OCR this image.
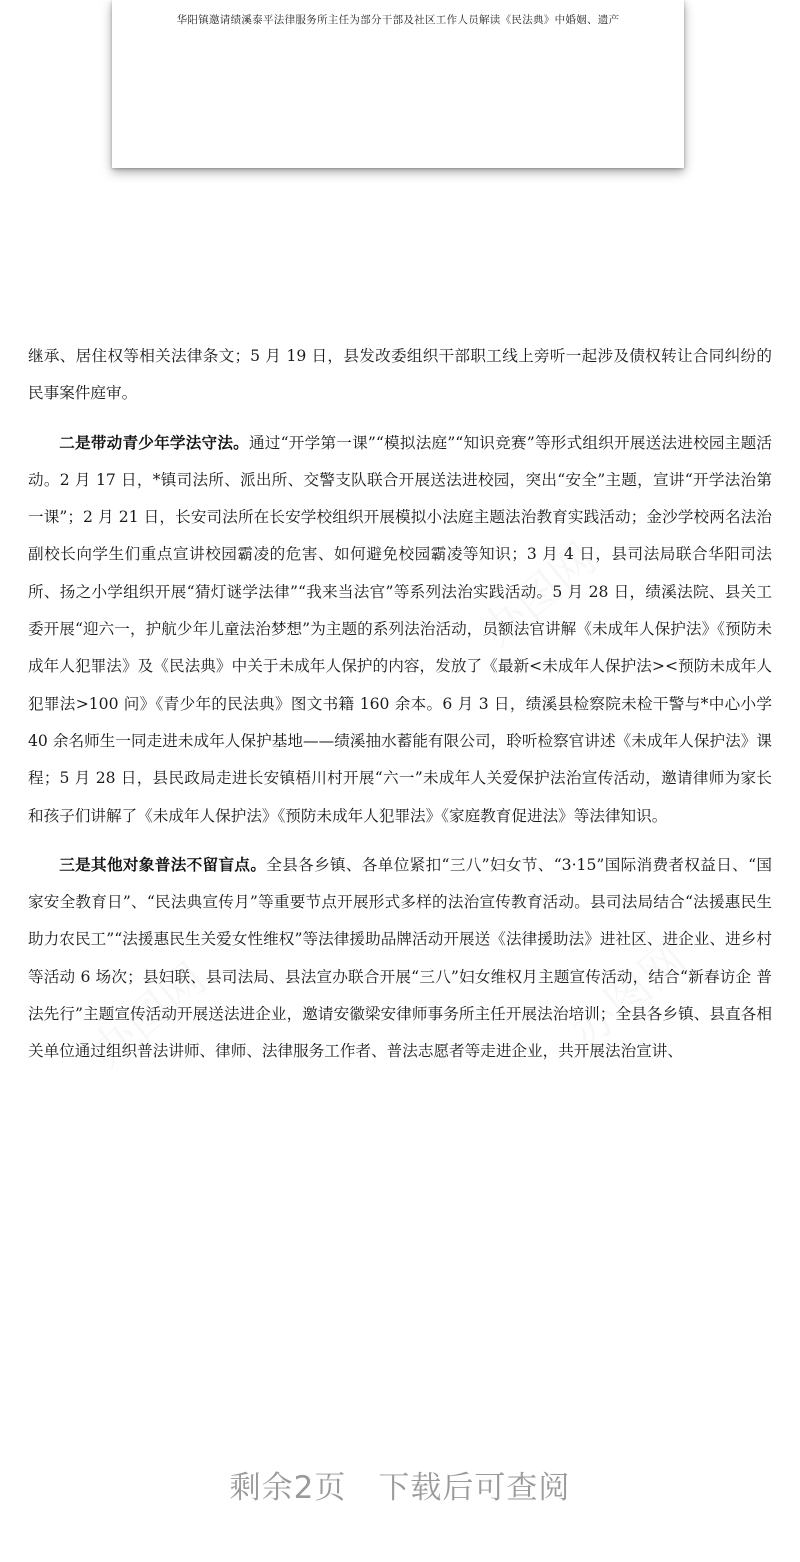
华阳镇邀请绩溪泰平法律服务所主任为部分干部及社区工作人员解读《民法典》中婚姻、遗产
办图网
办图网
办图网

继承、居住权等相关法律条文；5 月 19 日，县发改委组织干部职工线上旁听一起涉及债权转让合同纠纷的民事案件庭审。

二是带动青少年学法守法。通过“开学第一课”“模拟法庭”“知识竞赛”等形式组织开展送法进校园主题活动。2 月 17 日，*镇司法所、派出所、交警支队联合开展送法进校园，突出“安全”主题，宣讲“开学法治第一课”；2 月 21 日，长安司法所在长安学校组织开展模拟小法庭主题法治教育实践活动；金沙学校两名法治副校长向学生们重点宣讲校园霸凌的危害、如何避免校园霸凌等知识；3 月 4 日，县司法局联合华阳司法所、扬之小学组织开展“猜灯谜学法律”“我来当法官”等系列法治实践活动。5 月 28 日，绩溪法院、县关工委开展“迎六一，护航少年儿童法治梦想”为主题的系列法治活动，员额法官讲解《未成年人保护法》《预防未成年人犯罪法》及《民法典》中关于未成年人保护的内容，发放了《最新<未成年人保护法><预防未成年人犯罪法>100 问》《青少年的民法典》图文书籍 160 余本。6 月 3 日，绩溪县检察院未检干警与*中心小学 40 余名师生一同走进未成年人保护基地——绩溪抽水蓄能有限公司，聆听检察官讲述《未成年人保护法》课程；5 月 28 日，县民政局走进长安镇梧川村开展“六一”未成年人关爱保护法治宣传活动，邀请律师为家长和孩子们讲解了《未成年人保护法》《预防未成年人犯罪法》《家庭教育促进法》等法律知识。

三是其他对象普法不留盲点。全县各乡镇、各单位紧扣“三八”妇女节、“3·15”国际消费者权益日、“国家安全教育日”、“民法典宣传月”等重要节点开展形式多样的法治宣传教育活动。县司法局结合“法援惠民生助力农民工”“法援惠民生关爱女性维权”等法律援助品牌活动开展送《法律援助法》进社区、进企业、进乡村等活动 6 场次；县妇联、县司法局、县法宣办联合开展“三八”妇女维权月主题宣传活动，结合“新春访企 普法先行”主题宣传活动开展送法进企业，邀请安徽梁安律师事务所主任开展法治培训；全县各乡镇、县直各相关单位通过组织普法讲师、律师、法律服务工作者、普法志愿者等走进企业，共开展法治宣讲、

剩余2页 下载后可查阅
